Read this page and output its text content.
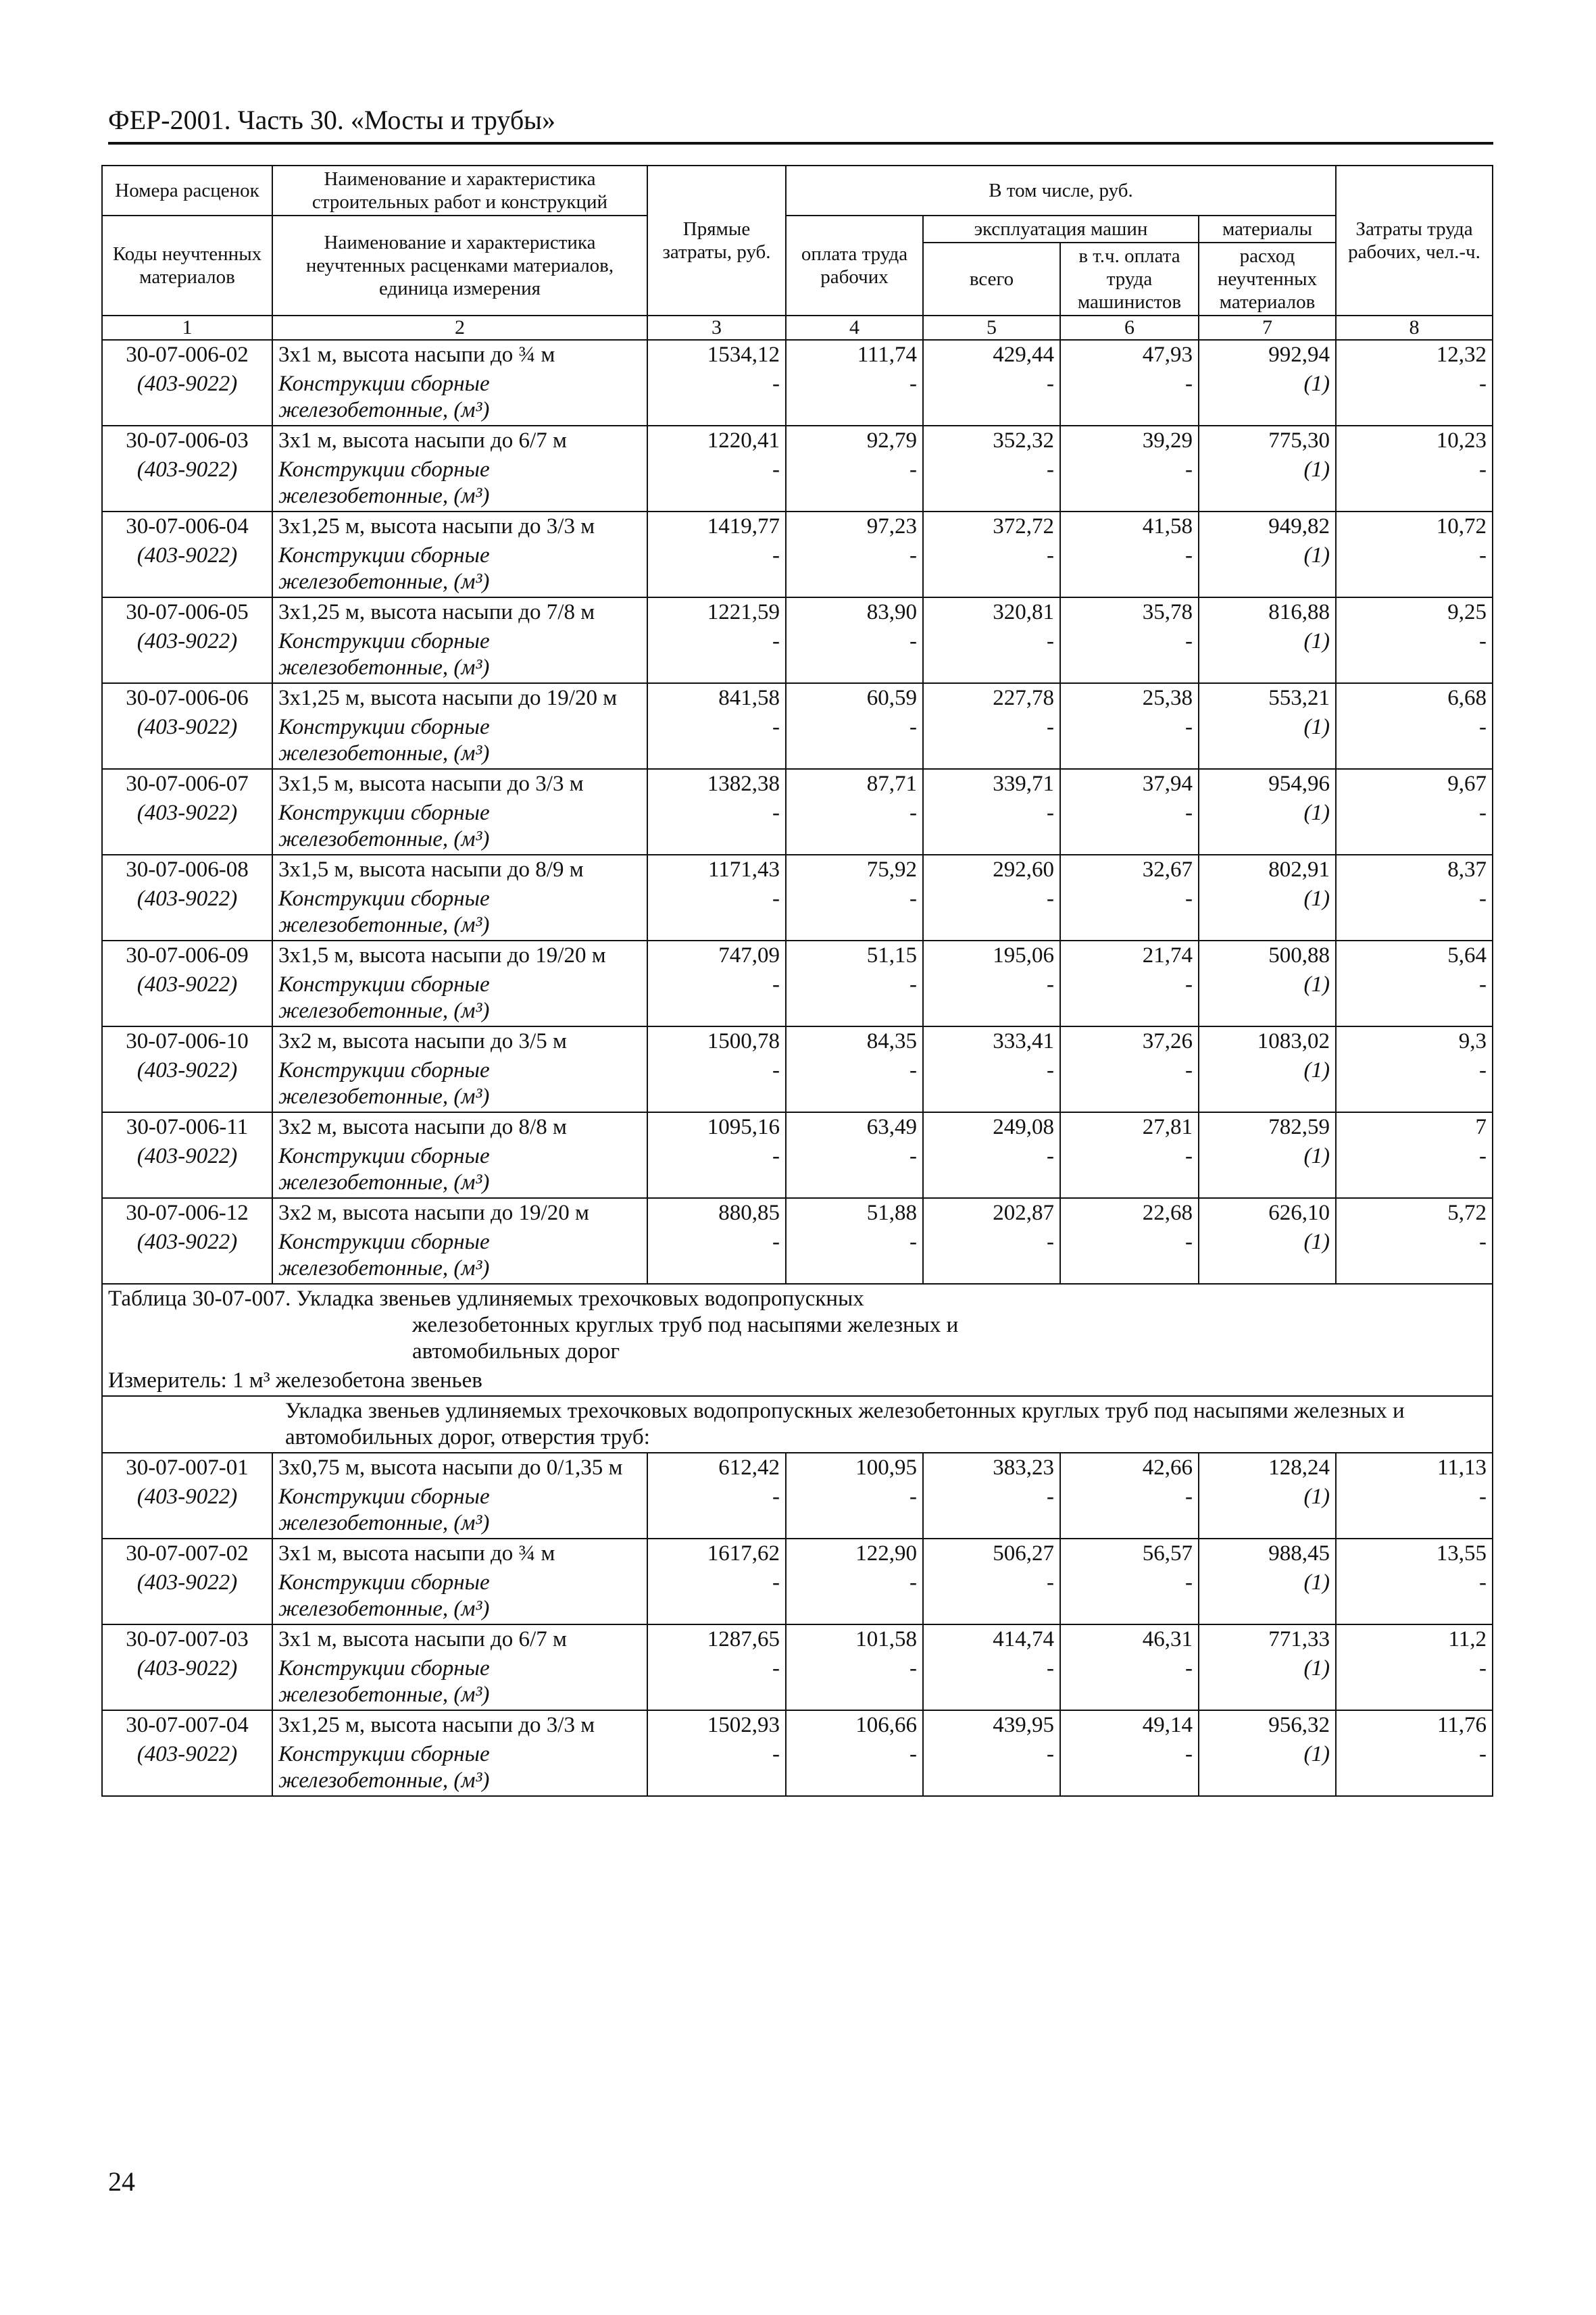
ФЕР-2001. Часть 30. «Мосты и трубы»
Номера расценок	Наименование и характеристика строительных работ и конструкций	Прямые затраты, руб.	В том числе, руб.				Затраты труда рабочих, чел.-ч.
Коды неучтенных материалов	Наименование и характеристика неучтенных расценками материалов, единица измерения		оплата труда рабочих	эксплуатация машин		материалы	
				всего	в т.ч. оплата труда машинистов	расход неучтенных материалов	
1	2	3	4	5	6	7	8
30-07-006-02	3х1 м, высота насыпи до ¾ м	1534,12	111,74	429,44	47,93	992,94	12,32
(403-9022)	Конструкции сборные железобетонные, (м³)	-	-	-	-	(1)	-
30-07-006-03	3х1 м, высота насыпи до 6/7 м	1220,41	92,79	352,32	39,29	775,30	10,23
(403-9022)	Конструкции сборные железобетонные, (м³)	-	-	-	-	(1)	-
30-07-006-04	3х1,25 м, высота насыпи до 3/3 м	1419,77	97,23	372,72	41,58	949,82	10,72
(403-9022)	Конструкции сборные железобетонные, (м³)	-	-	-	-	(1)	-
30-07-006-05	3х1,25 м, высота насыпи до 7/8 м	1221,59	83,90	320,81	35,78	816,88	9,25
(403-9022)	Конструкции сборные железобетонные, (м³)	-	-	-	-	(1)	-
30-07-006-06	3х1,25 м, высота насыпи до 19/20 м	841,58	60,59	227,78	25,38	553,21	6,68
(403-9022)	Конструкции сборные железобетонные, (м³)	-	-	-	-	(1)	-
30-07-006-07	3х1,5 м, высота насыпи до 3/3 м	1382,38	87,71	339,71	37,94	954,96	9,67
(403-9022)	Конструкции сборные железобетонные, (м³)	-	-	-	-	(1)	-
30-07-006-08	3х1,5 м, высота насыпи до 8/9 м	1171,43	75,92	292,60	32,67	802,91	8,37
(403-9022)	Конструкции сборные железобетонные, (м³)	-	-	-	-	(1)	-
30-07-006-09	3х1,5 м, высота насыпи до 19/20 м	747,09	51,15	195,06	21,74	500,88	5,64
(403-9022)	Конструкции сборные железобетонные, (м³)	-	-	-	-	(1)	-
30-07-006-10	3х2 м, высота насыпи до 3/5 м	1500,78	84,35	333,41	37,26	1083,02	9,3
(403-9022)	Конструкции сборные железобетонные, (м³)	-	-	-	-	(1)	-
30-07-006-11	3х2 м, высота насыпи до 8/8 м	1095,16	63,49	249,08	27,81	782,59	7
(403-9022)	Конструкции сборные железобетонные, (м³)	-	-	-	-	(1)	-
30-07-006-12	3х2 м, высота насыпи до 19/20 м	880,85	51,88	202,87	22,68	626,10	5,72
(403-9022)	Конструкции сборные железобетонные, (м³)	-	-	-	-	(1)	-
Таблица 30-07-007. Укладка звеньев удлиняемых трехочковых водопропускных
железобетонных круглых труб под насыпями железных и
автомобильных дорог							

Измеритель: 1 м³ железобетона звеньев							
Укладка звеньев удлиняемых трехочковых водопропускных железобетонных круглых труб под насыпями железных и автомобильных дорог, отверстия труб:							
30-07-007-01	3х0,75 м, высота насыпи до 0/1,35 м	612,42	100,95	383,23	42,66	128,24	11,13
(403-9022)	Конструкции сборные железобетонные, (м³)	-	-	-	-	(1)	-
30-07-007-02	3х1 м, высота насыпи до ¾ м	1617,62	122,90	506,27	56,57	988,45	13,55
(403-9022)	Конструкции сборные железобетонные, (м³)	-	-	-	-	(1)	-
30-07-007-03	3х1 м, высота насыпи до 6/7 м	1287,65	101,58	414,74	46,31	771,33	11,2
(403-9022)	Конструкции сборные железобетонные, (м³)	-	-	-	-	(1)	-
30-07-007-04	3х1,25 м, высота насыпи до 3/3 м	1502,93	106,66	439,95	49,14	956,32	11,76
(403-9022)	Конструкции сборные железобетонные, (м³)	-	-	-	-	(1)	-
24
